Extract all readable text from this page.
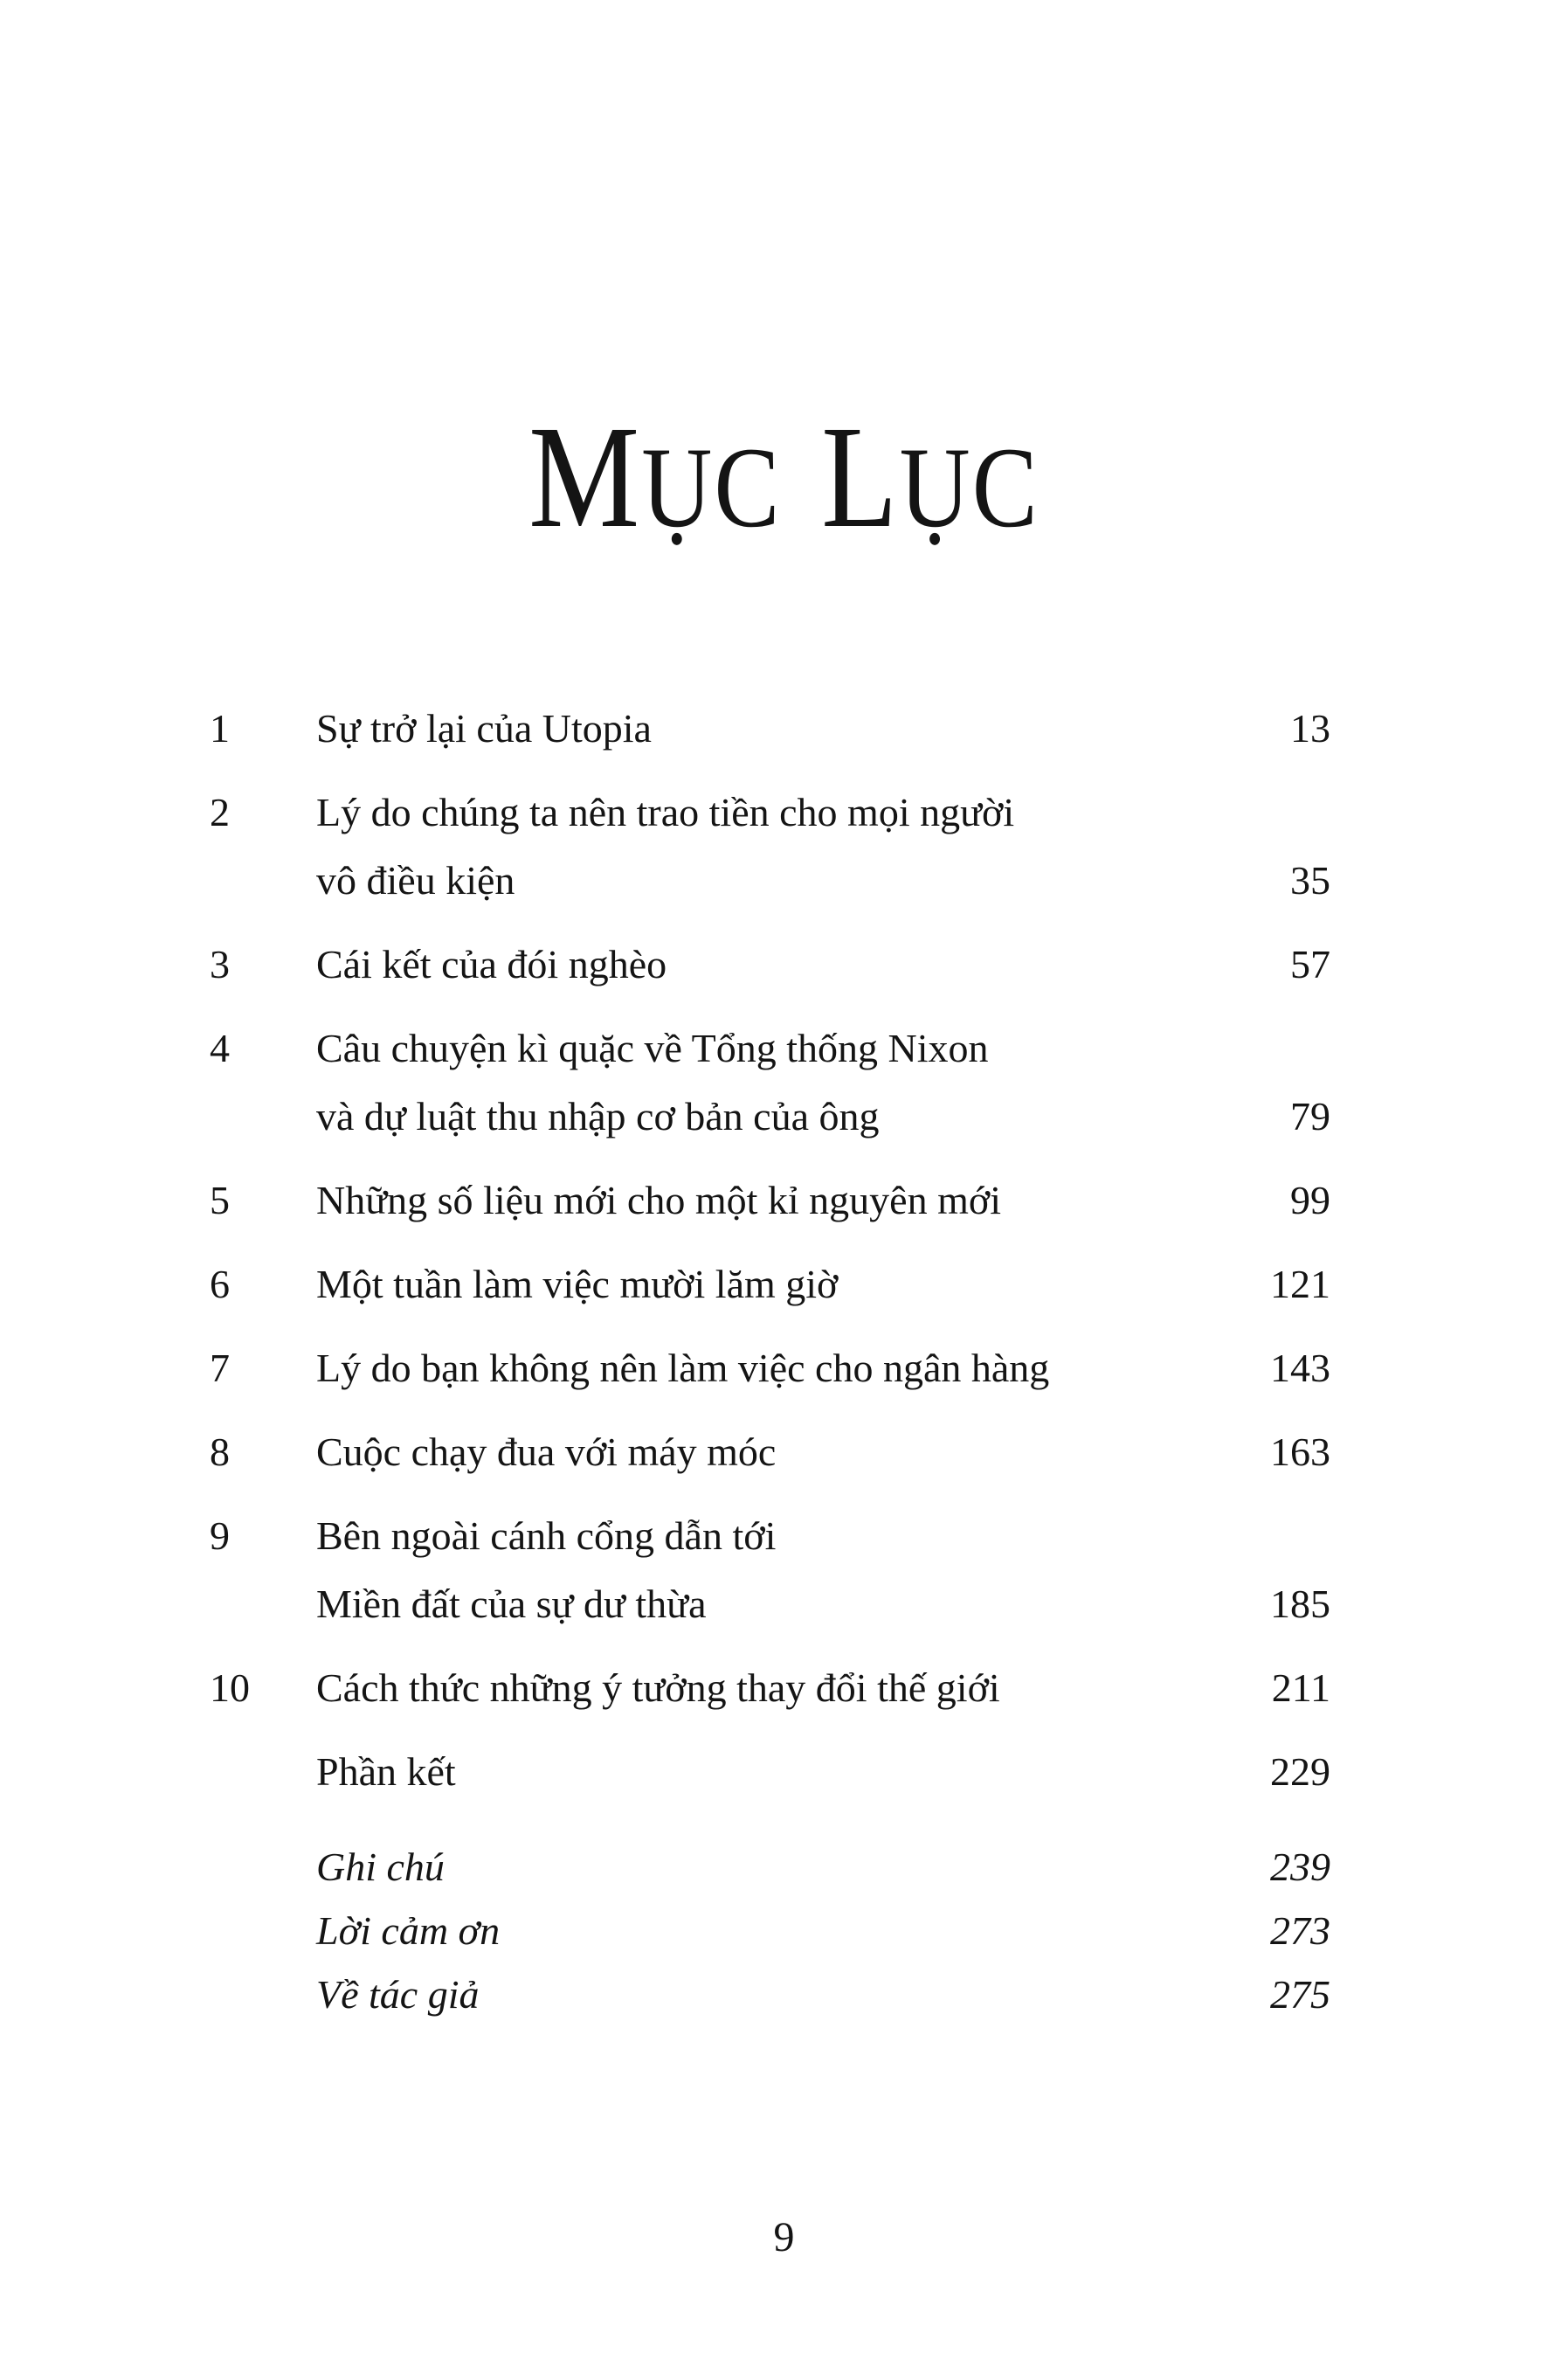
MỤC LỤC
1	Sự trở lại của Utopia	13
2	Lý do chúng ta nên trao tiền cho mọi người
vô điều kiện	35
3	Cái kết của đói nghèo	57
4	Câu chuyện kì quặc về Tổng thống Nixon
và dự luật thu nhập cơ bản của ông	79
5	Những số liệu mới cho một kỉ nguyên mới	99
6	Một tuần làm việc mười lăm giờ	121
7	Lý do bạn không nên làm việc cho ngân hàng	143
8	Cuộc chạy đua với máy móc	163
9	Bên ngoài cánh cổng dẫn tới
Miền đất của sự dư thừa	185
10	Cách thức những ý tưởng thay đổi thế giới	211
Phần kết	229
Ghi chú	239
Lời cảm ơn	273
Về tác giả	275
9
